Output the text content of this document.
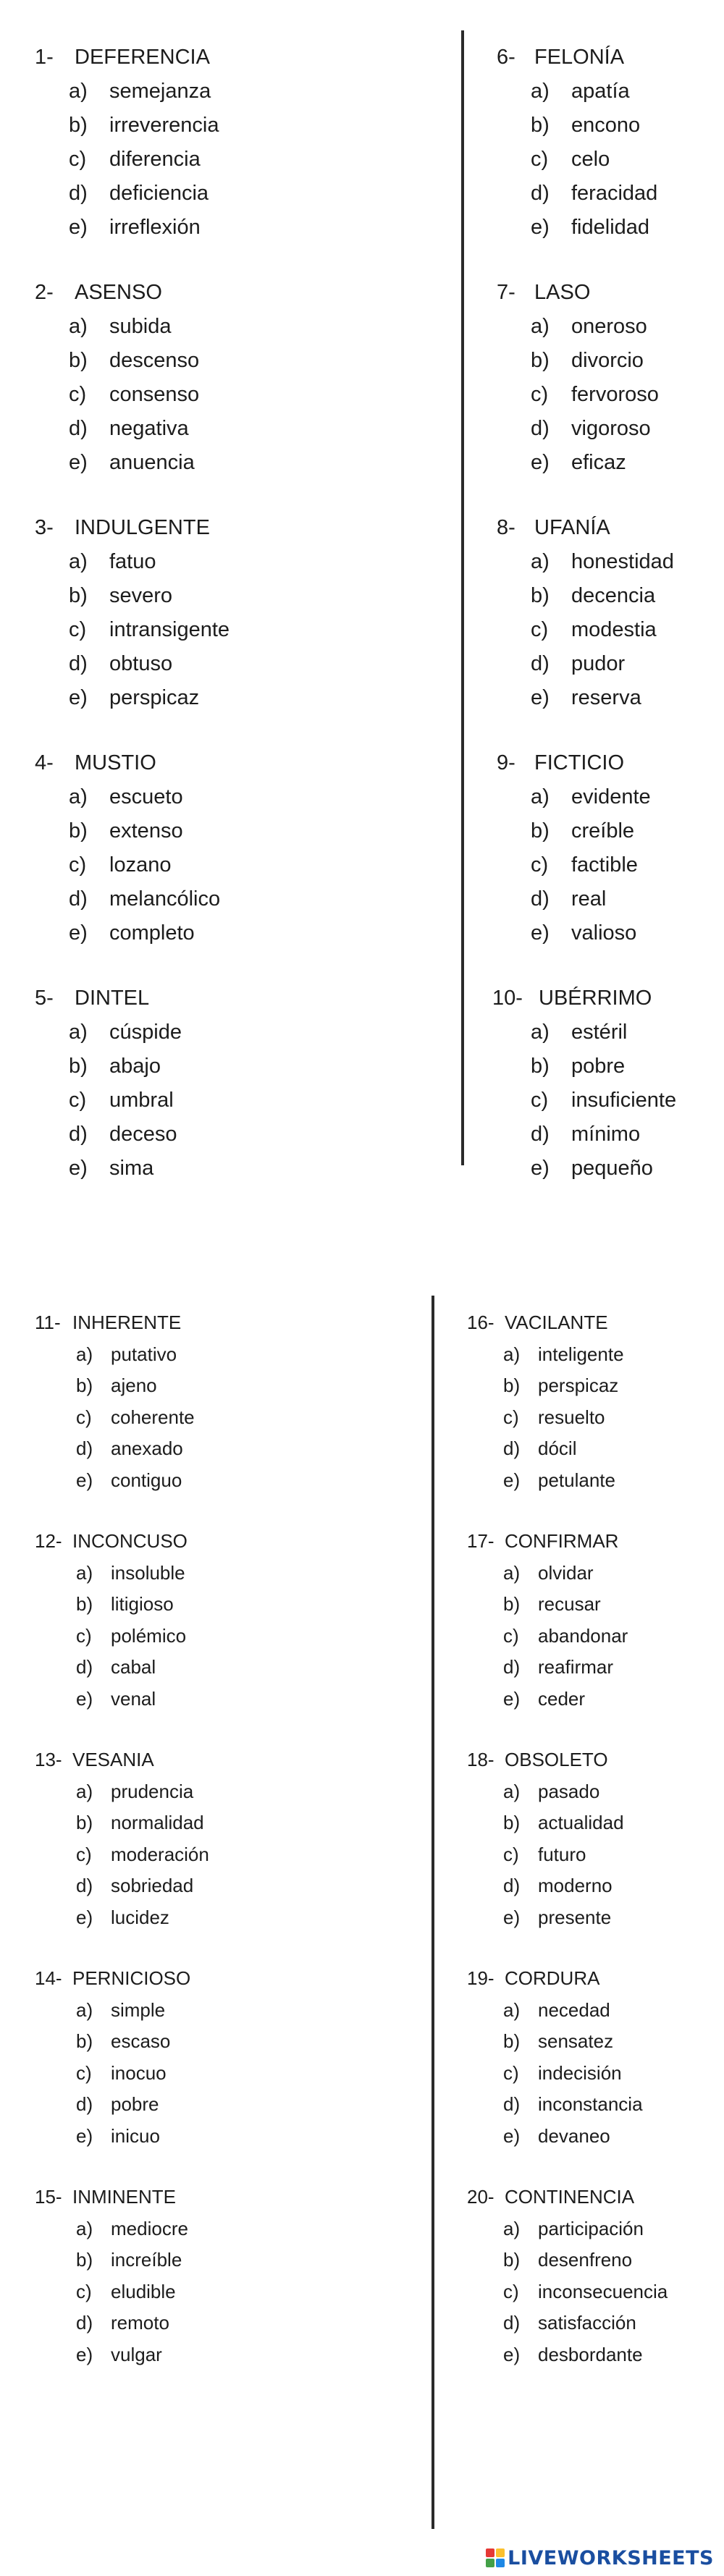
1-	DEFERENCIA
a)	semejanza
b)	irreverencia
c)	diferencia
d)	deficiencia
e)	irreflexión
2-	ASENSO
a)	subida
b)	descenso
c)	consenso
d)	negativa
e)	anuencia
3-	INDULGENTE
a)	fatuo
b)	severo
c)	intransigente
d)	obtuso
e)	perspicaz
4-	MUSTIO
a)	escueto
b)	extenso
c)	lozano
d)	melancólico
e)	completo
5-	DINTEL
a)	cúspide
b)	abajo
c)	umbral
d)	deceso
e)	sima
6- FELONÍA
a)	apatía
b)	encono
c)	celo
d)	feracidad
e)	fidelidad
7- LASO
a)	oneroso
b)	divorcio
c)	fervoroso
d)	vigoroso
e)	eficaz
8- UFANÍA
a)	honestidad
b)	decencia
c)	modestia
d)	pudor
e)	reserva
9- FICTICIO
a)	evidente
b)	creíble
c)	factible
d)	real
e)	valioso
10- UBÉRRIMO
a)	estéril
b)	pobre
c)	insuficiente
d)	mínimo
e)	pequeño
11- INHERENTE
a) putativo
b) ajeno
c)	coherente
d) anexado
e) contiguo
12- INCONCUSO
a) insoluble
b) litigioso
c)	polémico
d) cabal
e) venal
13- VESANIA
a) prudencia
b) normalidad
c)	moderación
d) sobriedad
e) lucidez
14- PERNICIOSO
a) simple
b) escaso
c)	inocuo
d) pobre
e) inicuo
15- INMINENTE
a) mediocre
b) increíble
c)	eludible
d) remoto
e) vulgar
16- VACILANTE
a) inteligente
b) perspicaz
c)	resuelto
d) dócil
e) petulante
17- CONFIRMAR
a) olvidar
b) recusar
c)	abandonar
d) reafirmar
e) ceder
18- OBSOLETO
a) pasado
b) actualidad
c)	futuro
d) moderno
e) presente
19- CORDURA
a) necedad
b) sensatez
c)	indecisión
d) inconstancia
e) devaneo
20- CONTINENCIA
a) participación
b) desenfreno
c)	inconsecuencia
d) satisfacción
e) desbordante
LIVEWORKSHEETS
